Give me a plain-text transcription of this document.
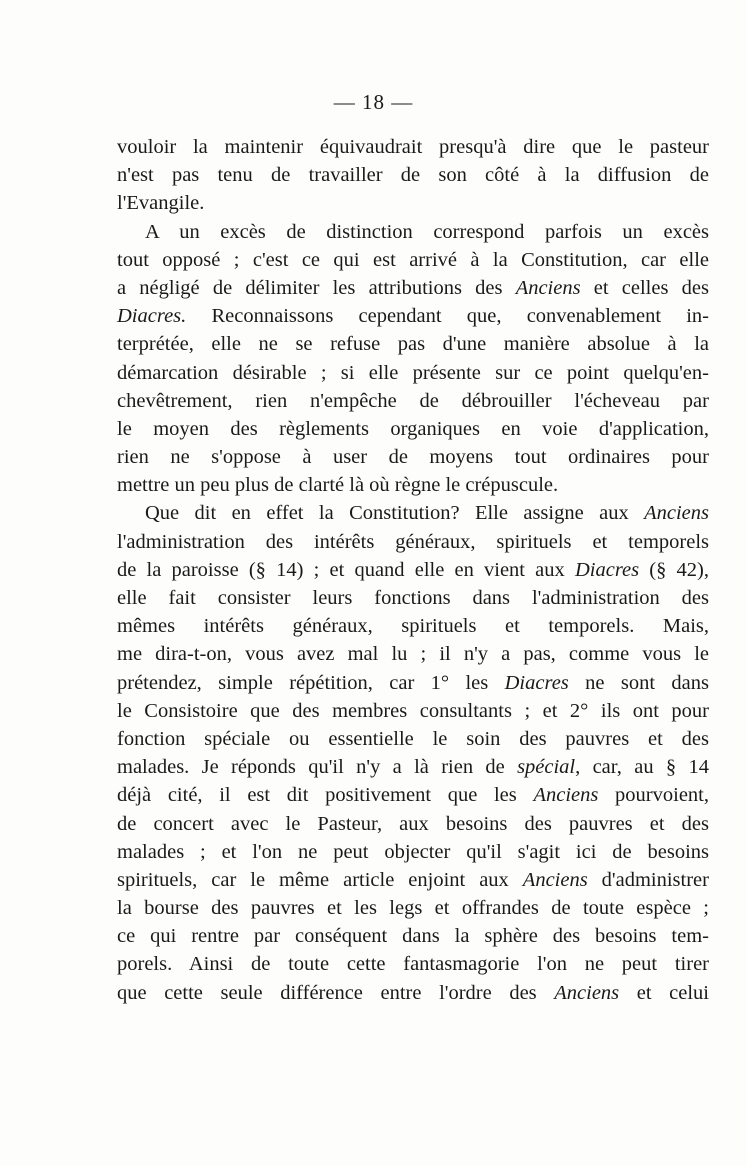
— 18 —
vouloir la maintenir équivaudrait presqu'à dire que le pasteur
n'est pas tenu de travailler de son côté à la diffusion de
l'Evangile.
A un excès de distinction correspond parfois un excès
tout opposé ; c'est ce qui est arrivé à la Constitution, car elle
a négligé de délimiter les attributions des Anciens et celles des
Diacres. Reconnaissons cependant que, convenablement in-
terprétée, elle ne se refuse pas d'une manière absolue à la
démarcation désirable ; si elle présente sur ce point quelqu'en-
chevêtrement, rien n'empêche de débrouiller l'écheveau par
le moyen des règlements organiques en voie d'application,
rien ne s'oppose à user de moyens tout ordinaires pour
mettre un peu plus de clarté là où règne le crépuscule.
Que dit en effet la Constitution? Elle assigne aux Anciens
l'administration des intérêts généraux, spirituels et temporels
de la paroisse (§ 14) ; et quand elle en vient aux Diacres (§ 42),
elle fait consister leurs fonctions dans l'administration des
mêmes intérêts généraux, spirituels et temporels. Mais,
me dira-t-on, vous avez mal lu ; il n'y a pas, comme vous le
prétendez, simple répétition, car 1° les Diacres ne sont dans
le Consistoire que des membres consultants ; et 2° ils ont pour
fonction spéciale ou essentielle le soin des pauvres et des
malades. Je réponds qu'il n'y a là rien de spécial, car, au § 14
déjà cité, il est dit positivement que les Anciens pourvoient,
de concert avec le Pasteur, aux besoins des pauvres et des
malades ; et l'on ne peut objecter qu'il s'agit ici de besoins
spirituels, car le même article enjoint aux Anciens d'administrer
la bourse des pauvres et les legs et offrandes de toute espèce ;
ce qui rentre par conséquent dans la sphère des besoins tem-
porels. Ainsi de toute cette fantasmagorie l'on ne peut tirer
que cette seule différence entre l'ordre des Anciens et celui
